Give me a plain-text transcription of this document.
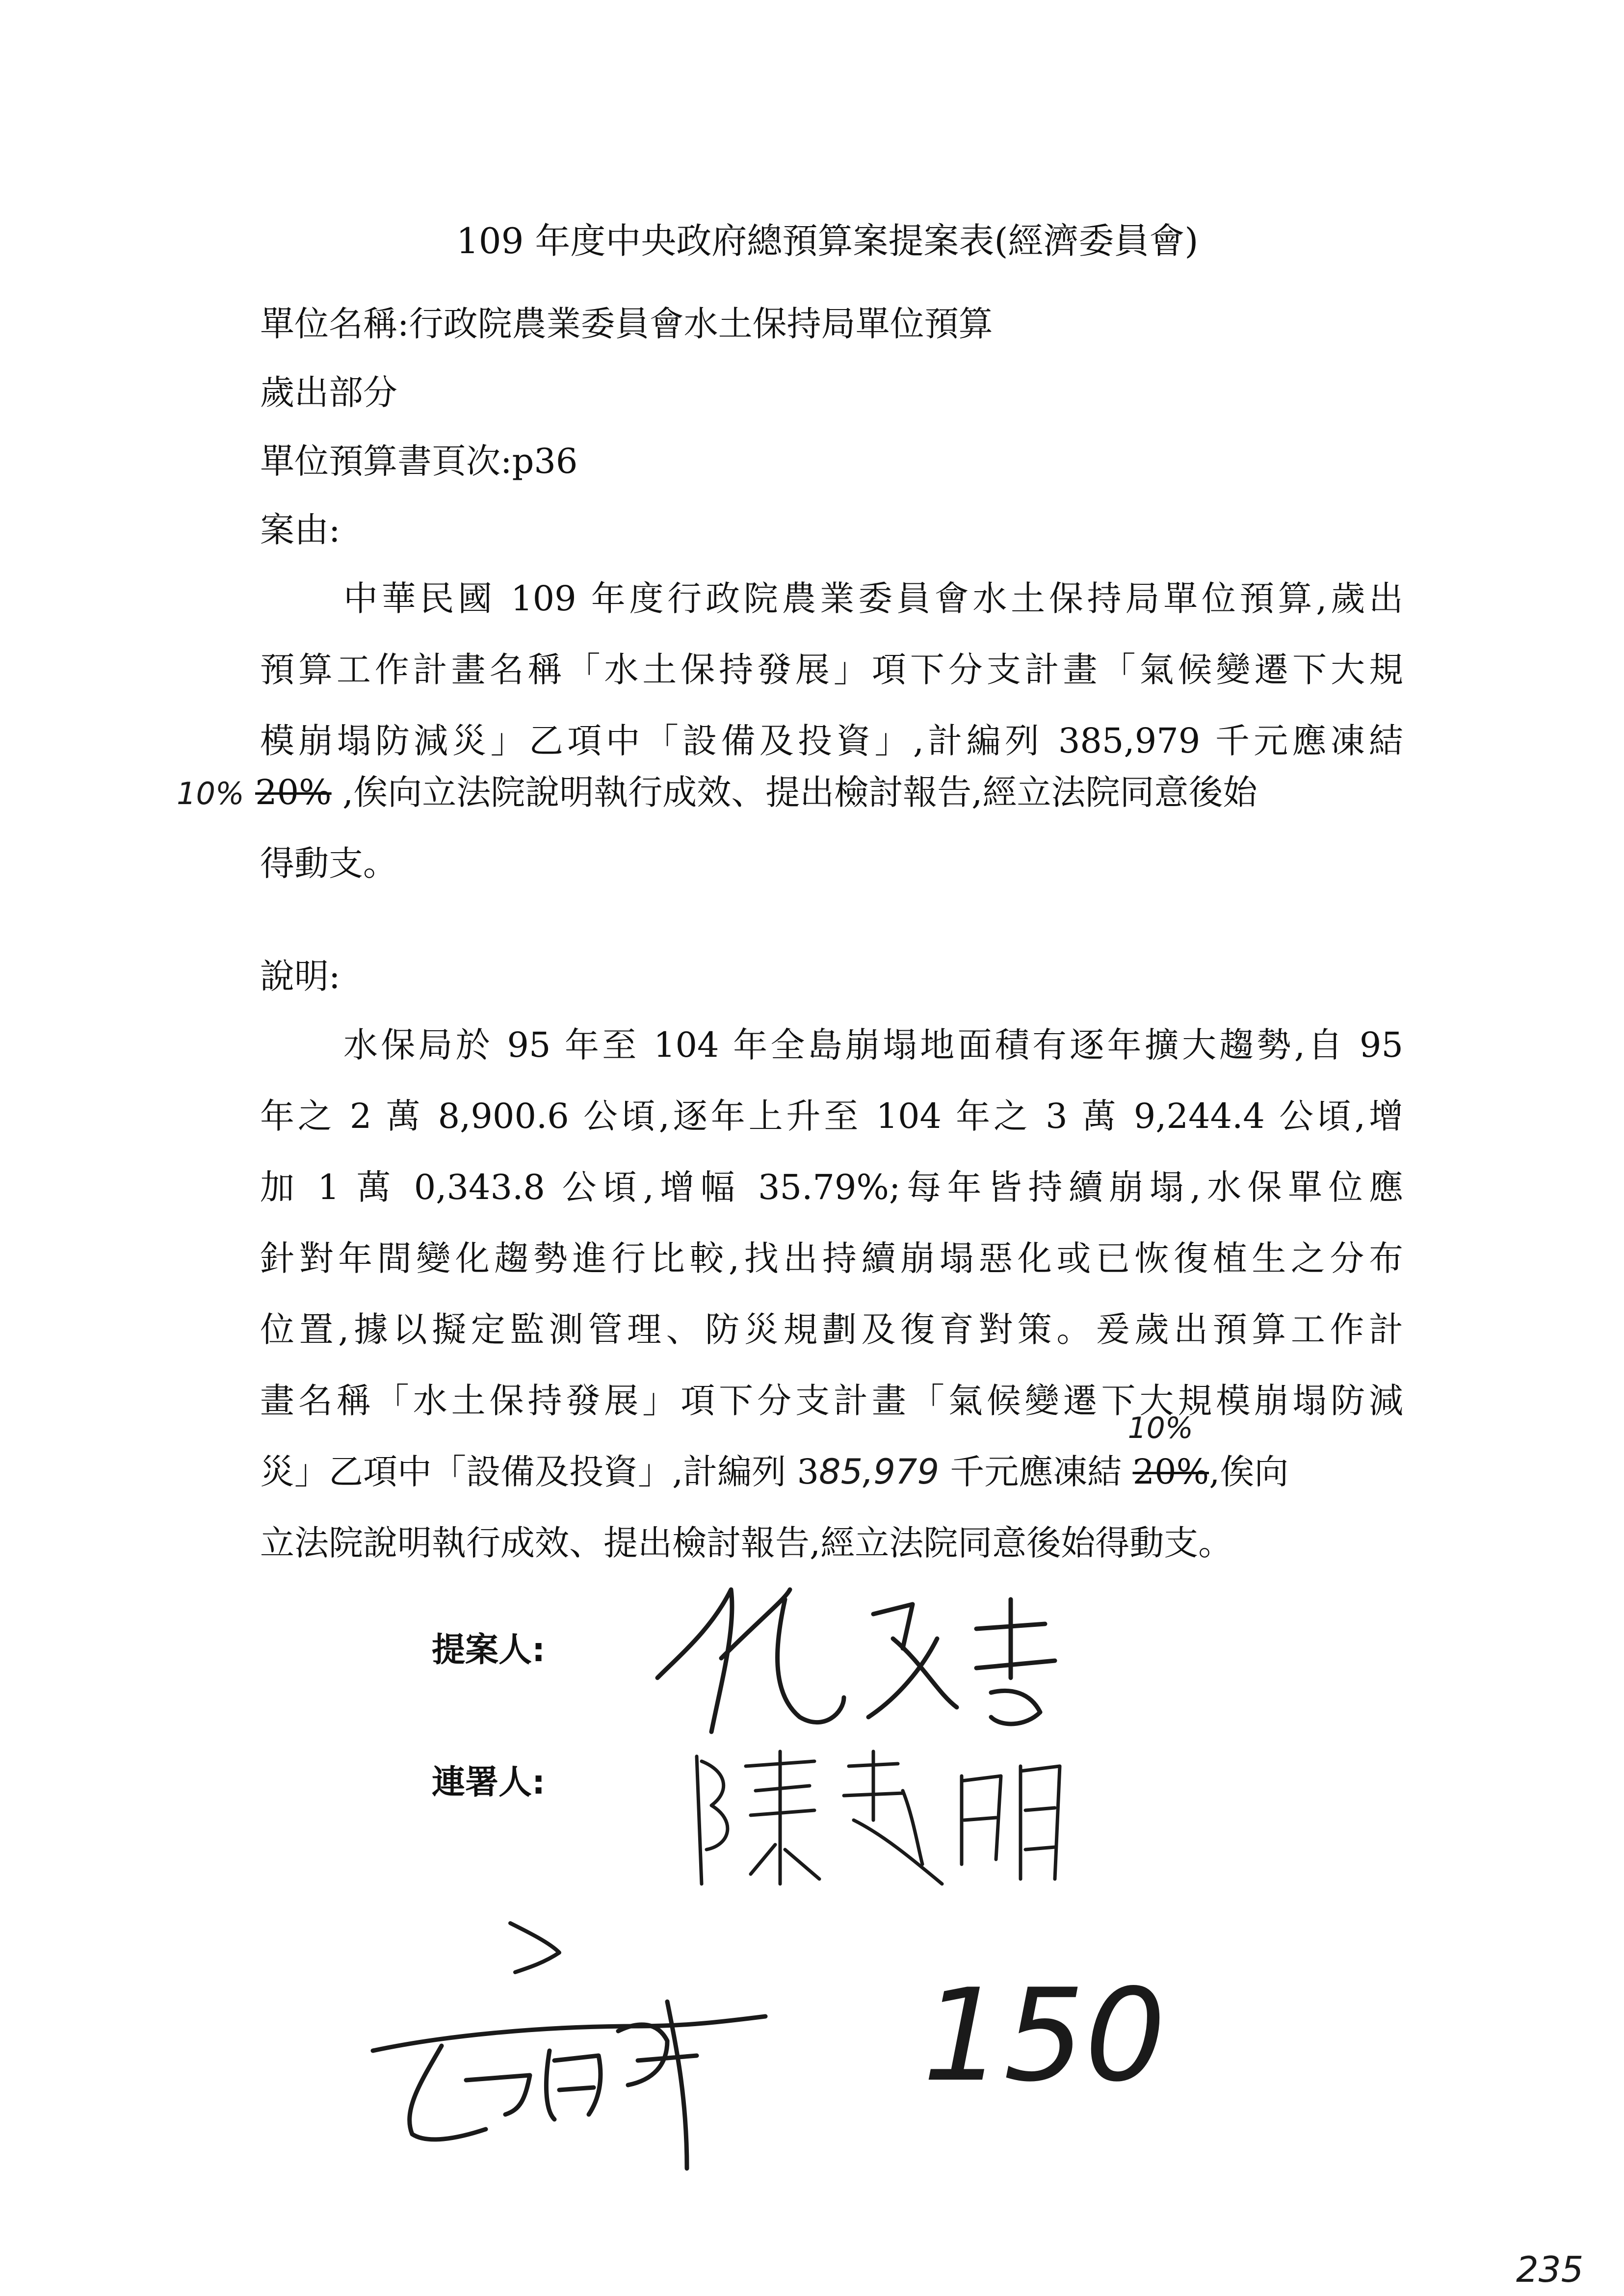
109 年度中央政府總預算案提案表(經濟委員會)
單位名稱:行政院農業委員會水土保持局單位預算
歲出部分
單位預算書頁次:p36
案由:
中華民國 109 年度行政院農業委員會水土保持局單位預算,歲出
預算工作計畫名稱「水土保持發展」項下分支計畫「氣候變遷下大規
模崩塌防減災」乙項中「設備及投資」,計編列 385,979 千元應凍結
10% 20% ,俟向立法院說明執行成效、提出檢討報告,經立法院同意後始
得動支。
說明:
水保局於 95 年至 104 年全島崩塌地面積有逐年擴大趨勢,自 95
年之 2 萬 8,900.6 公頃,逐年上升至 104 年之 3 萬 9,244.4 公頃,增
加 1 萬 0,343.8 公頃,增幅 35.79%;每年皆持續崩塌,水保單位應
針對年間變化趨勢進行比較,找出持續崩塌惡化或已恢復植生之分布
位置,據以擬定監測管理、防災規劃及復育對策。爰歲出預算工作計
畫名稱「水土保持發展」項下分支計畫「氣候變遷下大規模崩塌防減
災」乙項中「設備及投資」,計編列 385,979 千元應凍結 20%
10%
,俟向
立法院說明執行成效、提出檢討報告,經立法院同意後始得動支。
提案人:
連署人:
150
235
